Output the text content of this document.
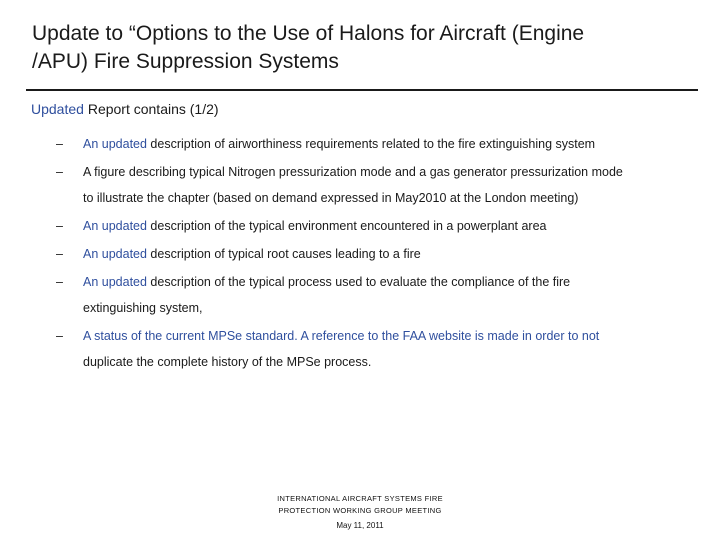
Update to “Options to the Use of Halons for Aircraft (Engine
/APU) Fire Suppression Systems
Updated Report contains (1/2)
–	An updated description of airworthiness requirements related to the fire extinguishing system
–	A figure describing typical Nitrogen pressurization mode and a gas generator pressurization mode
to illustrate the chapter (based on demand expressed in May2010 at the London meeting)
–	An updated description of the typical environment encountered in a powerplant area
–	An updated description of typical root causes leading to a fire
–	An updated description of the typical process used to evaluate the compliance of the fire
extinguishing system,
–	A status of the current MPSe standard. A reference to the FAA website is made in order to not
duplicate the complete history of the MPSe process.
INTERNATIONAL AIRCRAFT SYSTEMS FIRE
PROTECTION WORKING GROUP MEETING
May 11, 2011
